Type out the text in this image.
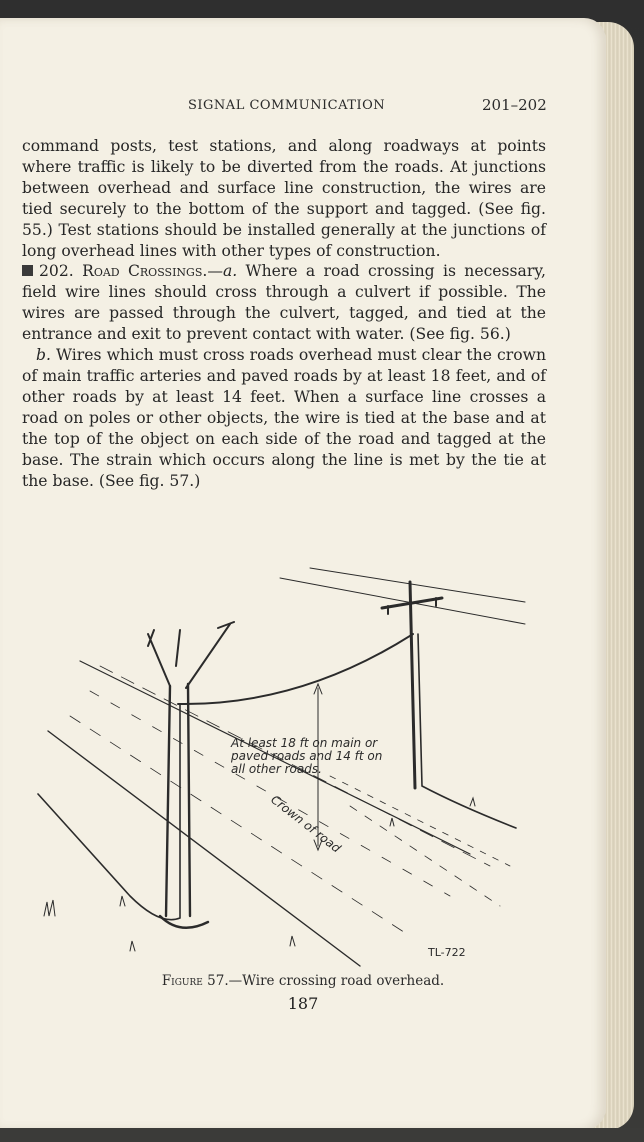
SIGNAL COMMUNICATION	201–202

command posts, test stations, and along roadways at points where traffic is likely to be diverted from the roads. At junctions between overhead and surface line construction, the wires are tied securely to the bottom of the support and tagged. (See fig. 55.) Test stations should be installed generally at the junctions of long overhead lines with other types of construction.

202. Road Crossings.—a. Where a road crossing is necessary, field wire lines should cross through a culvert if possible. The wires are passed through the culvert, tagged, and tied at the entrance and exit to prevent contact with water. (See fig. 56.)

b. Wires which must cross roads overhead must clear the crown of main traffic arteries and paved roads by at least 18 feet, and of other roads by at least 14 feet. When a surface line crosses a road on poles or other objects, the wire is tied at the base and at the top of the object on each side of the road and tagged at the base. The strain which occurs along the line is met by the tie at the base. (See fig. 57.)

At least 18 ft on main or
paved roads and 14 ft on
all other roads.
Crown of road
TL-722
Figure 57.—Wire crossing road overhead.
187
